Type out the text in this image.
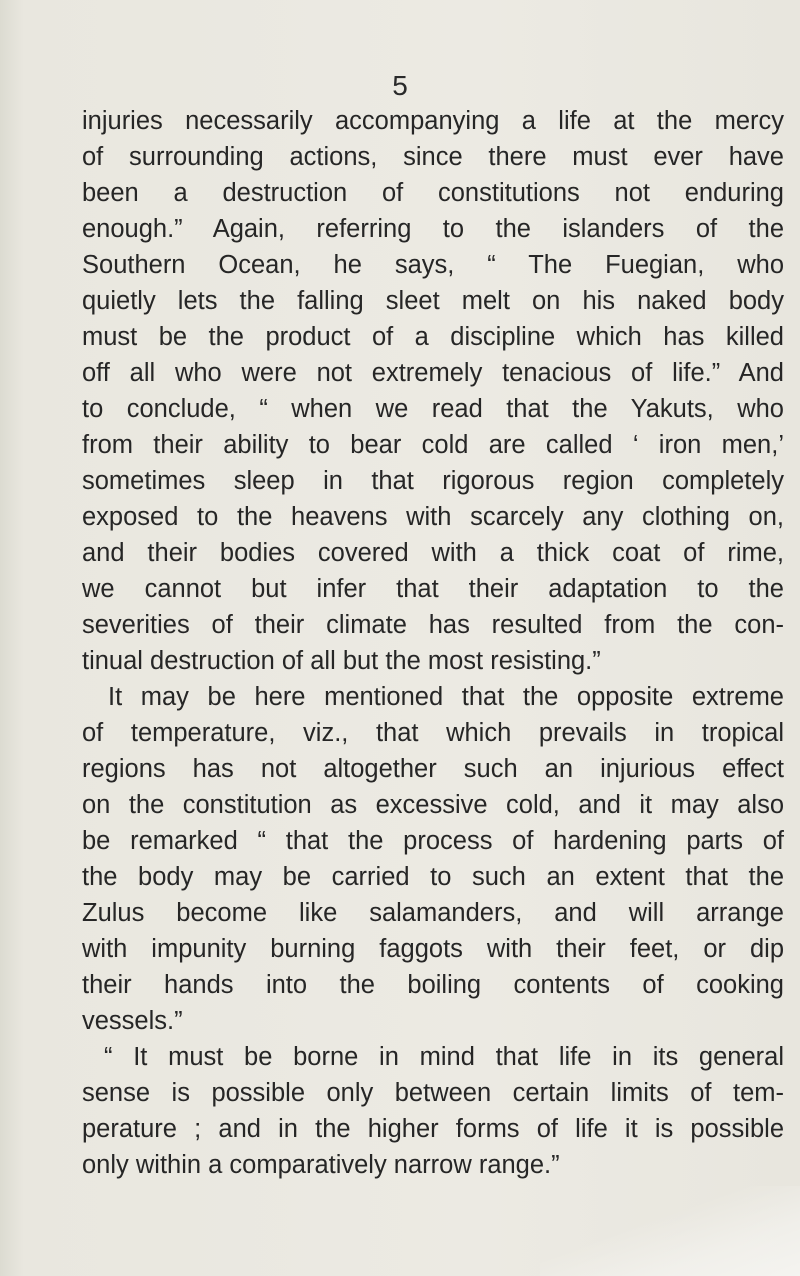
5
injuries necessarily accompanying a life at the mercy
of surrounding actions, since there must ever have
been a destruction of constitutions not enduring
enough.” Again, referring to the islanders of the
Southern Ocean, he says, “ The Fuegian, who
quietly lets the falling sleet melt on his naked body
must be the product of a discipline which has killed
off all who were not extremely tenacious of life.” And
to conclude, “ when we read that the Yakuts, who
from their ability to bear cold are called ‘ iron men,’
sometimes sleep in that rigorous region completely
exposed to the heavens with scarcely any clothing on,
and their bodies covered with a thick coat of rime,
we cannot but infer that their adaptation to the
severities of their climate has resulted from the con-
tinual destruction of all but the most resisting.”
It may be here mentioned that the opposite extreme
of temperature, viz., that which prevails in tropical
regions has not altogether such an injurious effect
on the constitution as excessive cold, and it may also
be remarked “ that the process of hardening parts of
the body may be carried to such an extent that the
Zulus become like salamanders, and will arrange
with impunity burning faggots with their feet, or dip
their hands into the boiling contents of cooking
vessels.”
“ It must be borne in mind that life in its general
sense is possible only between certain limits of tem-
perature ; and in the higher forms of life it is possible
only within a comparatively narrow range.”
